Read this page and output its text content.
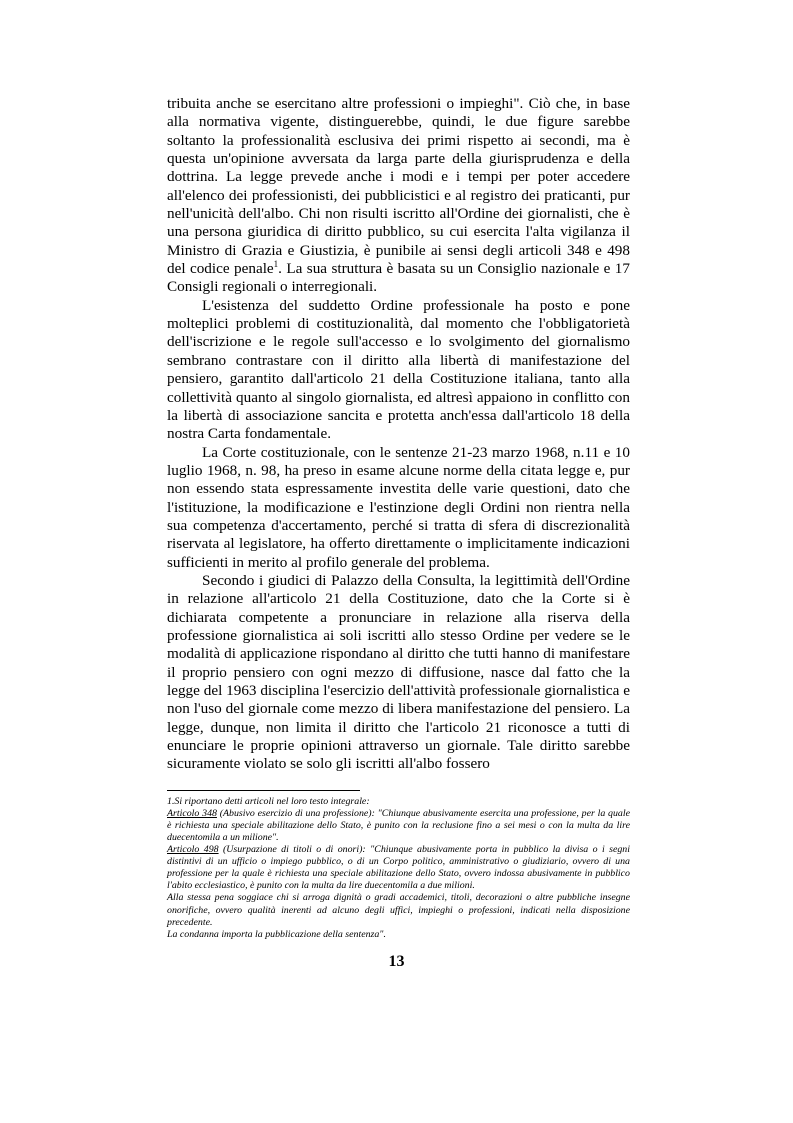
tribuita anche se esercitano altre professioni o impieghi". Ciò che, in base alla normativa vigente, distinguerebbe, quindi, le due figure sarebbe soltanto la professionalità esclusiva dei primi rispetto ai secondi, ma è questa un'opinione avversata da larga parte della giurisprudenza e della dottrina. La legge prevede anche i modi e i tempi per poter accedere all'elenco dei professionisti, dei pubblicistici e al registro dei praticanti, pur nell'unicità dell'albo. Chi non risulti iscritto all'Ordine dei giornalisti, che è una persona giuridica di diritto pubblico, su cui esercita l'alta vigilanza il Ministro di Grazia e Giustizia, è punibile ai sensi degli articoli 348 e 498 del codice penale$^1$. La sua struttura è basata su un Consiglio nazionale e 17 Consigli regionali o interregionali.

L'esistenza del suddetto Ordine professionale ha posto e pone molteplici problemi di costituzionalità, dal momento che l'obbligatorietà dell'iscrizione e le regole sull'accesso e lo svolgimento del giornalismo sembrano contrastare con il diritto alla libertà di manifestazione del pensiero, garantito dall'articolo 21 della Costituzione italiana, tanto alla collettività quanto al singolo giornalista, ed altresì appaiono in conflitto con la libertà di associazione sancita e protetta anch'essa dall'articolo 18 della nostra Carta fondamentale.

La Corte costituzionale, con le sentenze 21-23 marzo 1968, n.11 e 10 luglio 1968, n. 98, ha preso in esame alcune norme della citata legge e, pur non essendo stata espressamente investita delle varie questioni, dato che l'istituzione, la modificazione e l'estinzione degli Ordini non rientra nella sua competenza d'accertamento, perché si tratta di sfera di discrezionalità riservata al legislatore, ha offerto direttamente o implicitamente indicazioni sufficienti in merito al profilo generale del problema.

Secondo i giudici di Palazzo della Consulta, la legittimità dell'Ordine in relazione all'articolo 21 della Costituzione, dato che la Corte si è dichiarata competente a pronunciare in relazione alla riserva della professione giornalistica ai soli iscritti allo stesso Ordine per vedere se le modalità di applicazione rispondano al diritto che tutti hanno di manifestare il proprio pensiero con ogni mezzo di diffusione, nasce dal fatto che la legge del 1963 disciplina l'esercizio dell'attività professionale giornalistica e non l'uso del giornale come mezzo di libera manifestazione del pensiero. La legge, dunque, non limita il diritto che l'articolo 21 riconosce a tutti di enunciare le proprie opinioni attraverso un giornale. Tale diritto sarebbe sicuramente violato se solo gli iscritti all'albo fossero

1.Si riportano detti articoli nel loro testo integrale:

Articolo 348 (Abusivo esercizio di una professione): "Chiunque abusivamente esercita una professione, per la quale è richiesta una speciale abilitazione dello Stato, è punito con la reclusione fino a sei mesi o con la multa da lire duecentomila a un milione".

Articolo 498 (Usurpazione di titoli o di onori): "Chiunque abusivamente porta in pubblico la divisa o i segni distintivi di un ufficio o impiego pubblico, o di un Corpo politico, amministrativo o giudiziario, ovvero di una professione per la quale è richiesta una speciale abilitazione dello Stato, ovvero indossa abusivamente in pubblico l'abito ecclesiastico, è punito con la multa da lire duecentomila a due milioni.

Alla stessa pena soggiace chi si arroga dignità o gradi accademici, titoli, decorazioni o altre pubbliche insegne onorifiche, ovvero qualità inerenti ad alcuno degli uffici, impieghi o professioni, indicati nella disposizione precedente.

La condanna importa la pubblicazione della sentenza".

13
